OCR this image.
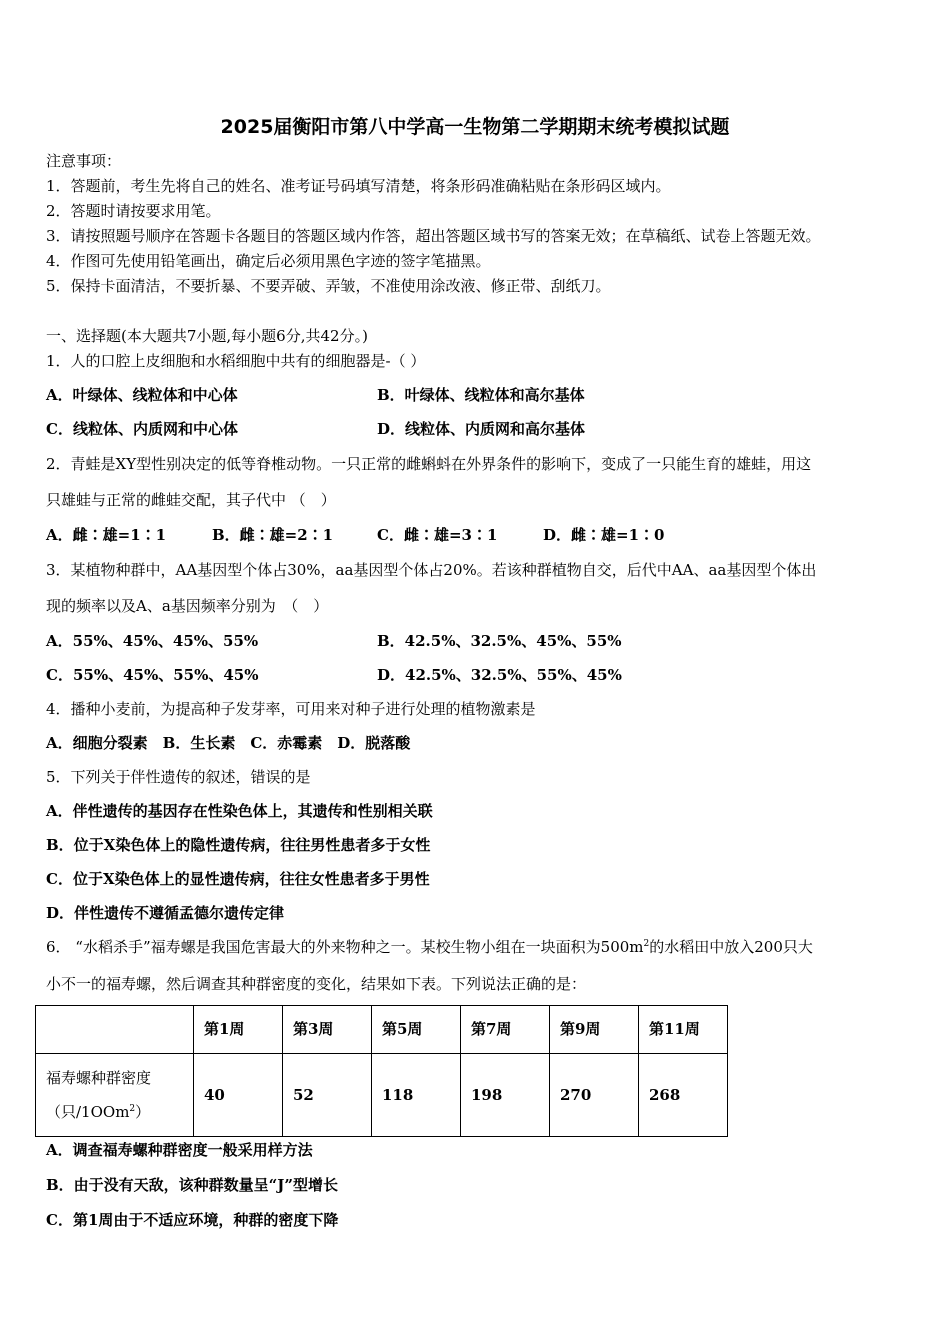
2025届衡阳市第八中学高一生物第二学期期末统考模拟试题
注意事项：
1．答题前，考生先将自己的姓名、准考证号码填写清楚，将条形码准确粘贴在条形码区域内。
2．答题时请按要求用笔。
3．请按照题号顺序在答题卡各题目的答题区域内作答，超出答题区域书写的答案无效；在草稿纸、试卷上答题无效。
4．作图可先使用铅笔画出，确定后必须用黑色字迹的签字笔描黑。
5．保持卡面清洁，不要折暴、不要弄破、弄皱，不准使用涂改液、修正带、刮纸刀。
一、选择题(本大题共7小题,每小题6分,共42分。)
1．人的口腔上皮细胞和水稻细胞中共有的细胞器是-（ ）
A．叶绿体、线粒体和中心体	B．叶绿体、线粒体和高尔基体
C．线粒体、内质网和中心体	D．线粒体、内质网和高尔基体
2．青蛙是XY型性别决定的低等脊椎动物。一只正常的雌蝌蚪在外界条件的影响下，变成了一只能生育的雄蛙，用这
只雄蛙与正常的雌蛙交配，其子代中 （　）
A．雌∶雄=1∶1	B．雌∶雄=2∶1	C．雌∶雄=3∶1	D．雌∶雄=1∶0
3．某植物种群中，AA基因型个体占30%，aa基因型个体占20%。若该种群植物自交，后代中AA、aa基因型个体出
现的频率以及A、a基因频率分别为　（　）
A．55%、45%、45%、55%	B．42.5%、32.5%、45%、55%
C．55%、45%、55%、45%	D．42.5%、32.5%、55%、45%
4．播种小麦前，为提高种子发芽率，可用来对种子进行处理的植物激素是
A．细胞分裂素　B．生长素　C．赤霉素　D．脱落酸
5．下列关于伴性遗传的叙述，错误的是
A．伴性遗传的基因存在性染色体上，其遗传和性别相关联
B．位于X染色体上的隐性遗传病，往往男性患者多于女性
C．位于X染色体上的显性遗传病，往往女性患者多于男性
D．伴性遗传不遵循孟德尔遗传定律
6． “水稻杀手”福寿螺是我国危害最大的外来物种之一。某校生物小组在一块面积为$500m^2$的水稻田中放入200只大
小不一的福寿螺，然后调查其种群密度的变化，结果如下表。下列说法正确的是：
	第1周	第3周	第5周	第7周	第9周	第11周

福寿螺种群密度
（只/1OOm$^2$）	40	52	118	198	270	268
A．调查福寿螺种群密度一般采用样方法
B．由于没有天敌，该种群数量呈“J”型增长
C．第1周由于不适应环境，种群的密度下降
